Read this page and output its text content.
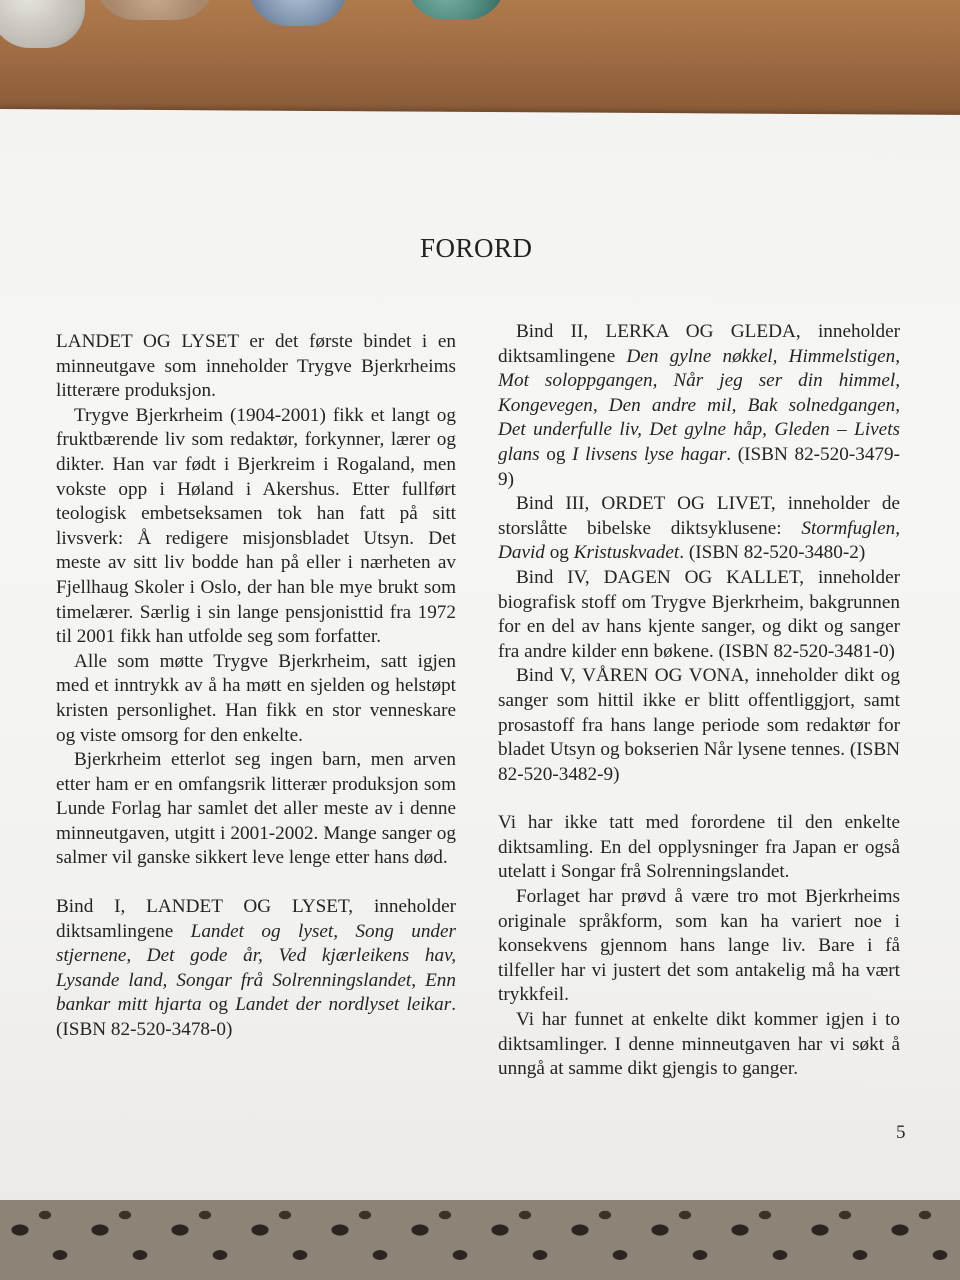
FORORD

LANDET OG LYSET er det første bindet i en minneutgave som inneholder Trygve Bjerkrheims litterære produksjon.

Trygve Bjerkrheim (1904-2001) fikk et langt og fruktbærende liv som redaktør, forkynner, lærer og dikter. Han var født i Bjerkreim i Rogaland, men vokste opp i Høland i Akershus. Etter fullført teologisk embetseksamen tok han fatt på sitt livsverk: Å redigere misjonsbladet Utsyn. Det meste av sitt liv bodde han på eller i nærheten av Fjellhaug Skoler i Oslo, der han ble mye brukt som timelærer. Særlig i sin lange pensjonisttid fra 1972 til 2001 fikk han utfolde seg som forfatter.

Alle som møtte Trygve Bjerkrheim, satt igjen med et inntrykk av å ha møtt en sjelden og helstøpt kristen personlighet. Han fikk en stor venneskare og viste omsorg for den enkelte.

Bjerkrheim etterlot seg ingen barn, men arven etter ham er en omfangsrik litterær produksjon som Lunde Forlag har samlet det aller meste av i denne minneutgaven, utgitt i 2001-2002. Mange sanger og salmer vil ganske sikkert leve lenge etter hans død.

Bind I, LANDET OG LYSET, inneholder diktsamlingene Landet og lyset, Song under stjernene, Det gode år, Ved kjærleikens hav, Lysande land, Songar frå Solrenningslandet, Enn bankar mitt hjarta og Landet der nordlyset leikar. (ISBN 82-520-3478-0)

Bind II, LERKA OG GLEDA, inneholder diktsamlingene Den gylne nøkkel, Himmelstigen, Mot soloppgangen, Når jeg ser din himmel, Kongevegen, Den andre mil, Bak solnedgangen, Det underfulle liv, Det gylne håp, Gleden – Livets glans og I livsens lyse hagar. (ISBN 82-520-3479-9)

Bind III, ORDET OG LIVET, inneholder de storslåtte bibelske diktsyklusene: Stormfuglen, David og Kristuskvadet. (ISBN 82-520-3480-2)

Bind IV, DAGEN OG KALLET, inneholder biografisk stoff om Trygve Bjerkrheim, bakgrunnen for en del av hans kjente sanger, og dikt og sanger fra andre kilder enn bøkene. (ISBN 82-520-3481-0)

Bind V, VÅREN OG VONA, inneholder dikt og sanger som hittil ikke er blitt offentliggjort, samt prosastoff fra hans lange periode som redaktør for bladet Utsyn og bokserien Når lysene tennes. (ISBN 82-520-3482-9)

Vi har ikke tatt med forordene til den enkelte diktsamling. En del opplysninger fra Japan er også utelatt i Songar frå Solrenningslandet.

Forlaget har prøvd å være tro mot Bjerkrheims originale språkform, som kan ha variert noe i konsekvens gjennom hans lange liv. Bare i få tilfeller har vi justert det som antakelig må ha vært trykkfeil.

Vi har funnet at enkelte dikt kommer igjen i to diktsamlinger. I denne minneutgaven har vi søkt å unngå at samme dikt gjengis to ganger.

5
